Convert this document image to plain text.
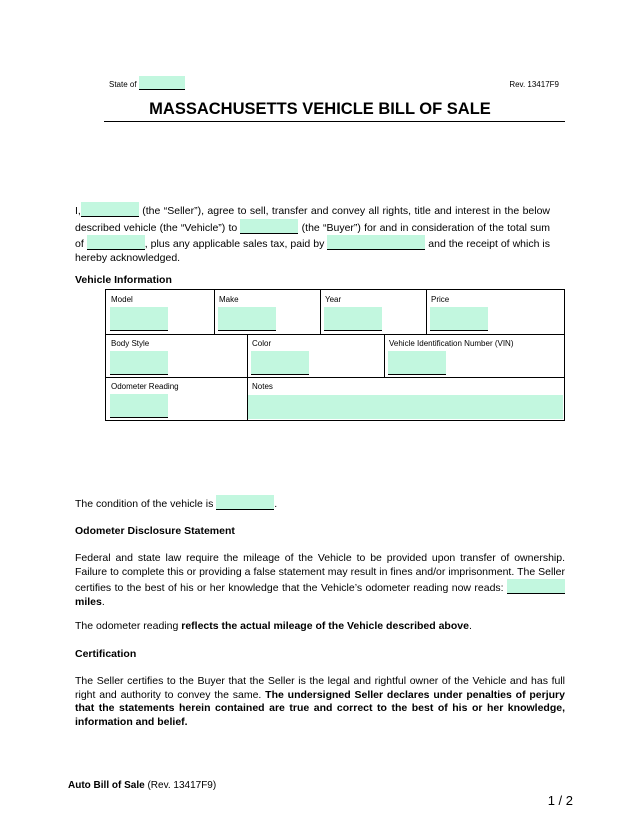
State of	Rev. 13417F9
MASSACHUSETTS VEHICLE BILL OF SALE
I,	(the “Seller”), agree to sell, transfer and convey all rights, title and interest in the below described vehicle (the “Vehicle”) to	(the “Buyer”) for and in consideration of the total sum of	, plus any applicable sales tax, paid by	and the receipt of which is hereby acknowledged.
Vehicle Information
Model	Make	Year	Price
Body Style	Color	Vehicle Identification Number (VIN)
Odometer Reading	Notes
The condition of the vehicle is	.
Odometer Disclosure Statement
Federal and state law require the mileage of the Vehicle to be provided upon transfer of ownership. Failure to complete this or providing a false statement may result in fines and/or imprisonment. The Seller certifies to the best of his or her knowledge that the Vehicle’s odometer reading now reads:  miles.
The odometer reading reflects the actual mileage of the Vehicle described above.
Certification
The Seller certifies to the Buyer that the Seller is the legal and rightful owner of the Vehicle and has full right and authority to convey the same. The undersigned Seller declares under penalties of perjury that the statements herein contained are true and correct to the best of his or her knowledge, information and belief.
Auto Bill of Sale (Rev. 13417F9)
1 / 2
